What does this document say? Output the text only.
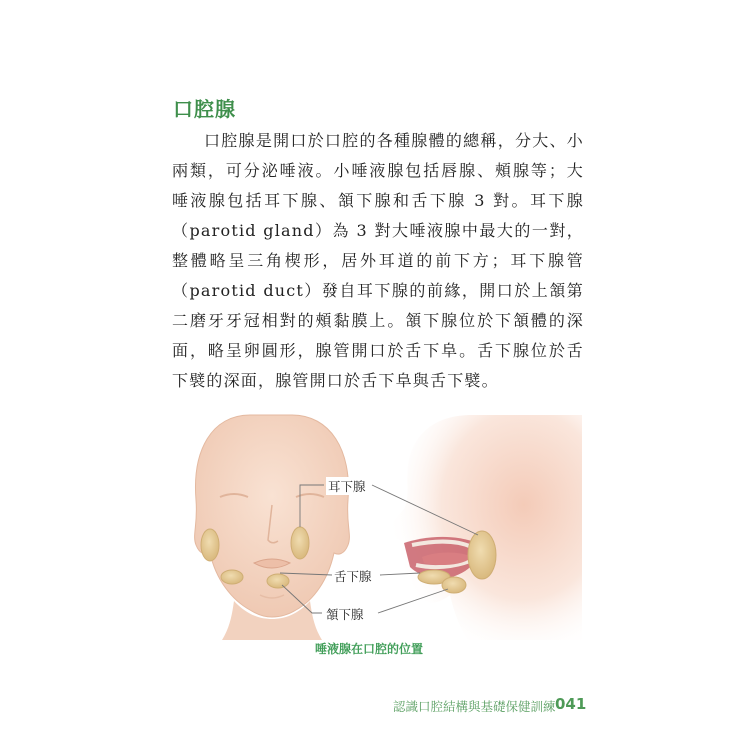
口腔腺

口腔腺是開口於口腔的各種腺體的總稱，分大、小兩類，可分泌唾液。小唾液腺包括唇腺、頰腺等；大唾液腺包括耳下腺、頷下腺和舌下腺 3 對。耳下腺（parotid gland）為 3 對大唾液腺中最大的一對，整體略呈三角楔形，居外耳道的前下方；耳下腺管（parotid duct）發自耳下腺的前緣，開口於上頷第二磨牙牙冠相對的頰黏膜上。頷下腺位於下頷體的深面，略呈卵圓形，腺管開口於舌下阜。舌下腺位於舌下襞的深面，腺管開口於舌下阜與舌下襞。

耳下腺
舌下腺
頷下腺
唾液腺在口腔的位置
認識口腔結構與基礎保健訓練 041
